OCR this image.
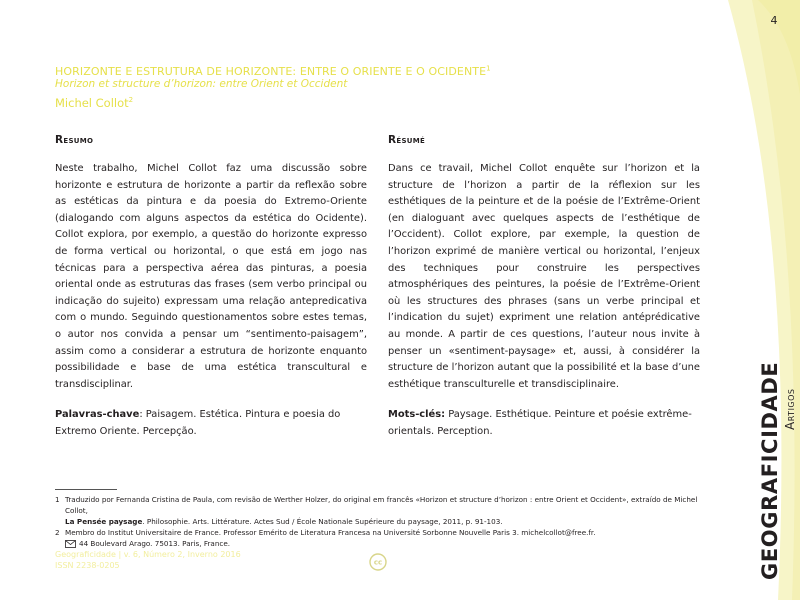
4
HORIZONTE E ESTRUTURA DE HORIZONTE: ENTRE O ORIENTE E O OCIDENTE$^1$
Horizon et structure d’horizon: entre Orient et Occident
Michel Collot$^2$
Resumo

Neste trabalho, Michel Collot faz uma discussão sobre horizonte e estrutura de horizonte a partir da reflexão sobre as estéticas da pintura e da poesia do Extremo-Oriente (dialogando com alguns aspectos da estética do Ocidente). Collot explora, por exemplo, a questão do horizonte expresso de forma vertical ou horizontal, o que está em jogo nas técnicas para a perspectiva aérea das pinturas, a poesia oriental onde as estruturas das frases (sem verbo principal ou indicação do sujeito) expressam uma relação antepredicativa com o mundo. Seguindo questionamentos sobre estes temas, o autor nos convida a pensar um “sentimento-paisagem”, assim como a considerar a estrutura de horizonte enquanto possibilidade e base de uma estética transcultural e transdisciplinar.

Palavras-chave: Paisagem. Estética. Pintura e poesia do Extremo Oriente. Percepção.

Résumé

Dans ce travail, Michel Collot enquête sur l’horizon et la structure de l’horizon a partir de la réflexion sur les esthétiques de la peinture et de la poésie de l’Extrême-Orient (en dialoguant avec quelques aspects de l’esthétique de l’Occident). Collot explore, par exemple, la question de l’horizon exprimé de manière vertical ou horizontal, l’enjeux des techniques pour construire les perspectives atmosphériques des peintures, la poésie de l’Extrême-Orient où les structures des phrases (sans un verbe principal et l’indication du sujet) expriment une relation antéprédicative au monde. A partir de ces questions, l’auteur nous invite à penser un «sentiment-paysage» et, aussi, à considérer la structure de l’horizon autant que la possibilité et la base d’une esthétique transculturelle et transdisciplinaire.

Mots-clés: Paysage. Esthétique. Peinture et poésie extrême-orientals. Perception.

Artigos
GEOGRAFICIDADE
1 Traduzido por Fernanda Cristina de Paula, com revisão de Werther Holzer, do original em francês «Horizon et structure d’horizon : entre Orient et Occident», extraído de Michel Collot,
La Pensée paysage. Philosophie. Arts. Littérature. Actes Sud / École Nationale Supérieure du paysage, 2011, p. 91-103.
2 Membro do Institut Universitaire de France. Professor Emérito de Literatura Francesa na Université Sorbonne Nouvelle Paris 3. michelcollot@free.fr.
44 Boulevard Arago. 75013. Paris, France.
Geograficidade | v. 6, Número 2, Inverno 2016
ISSN 2238-0205	cc
